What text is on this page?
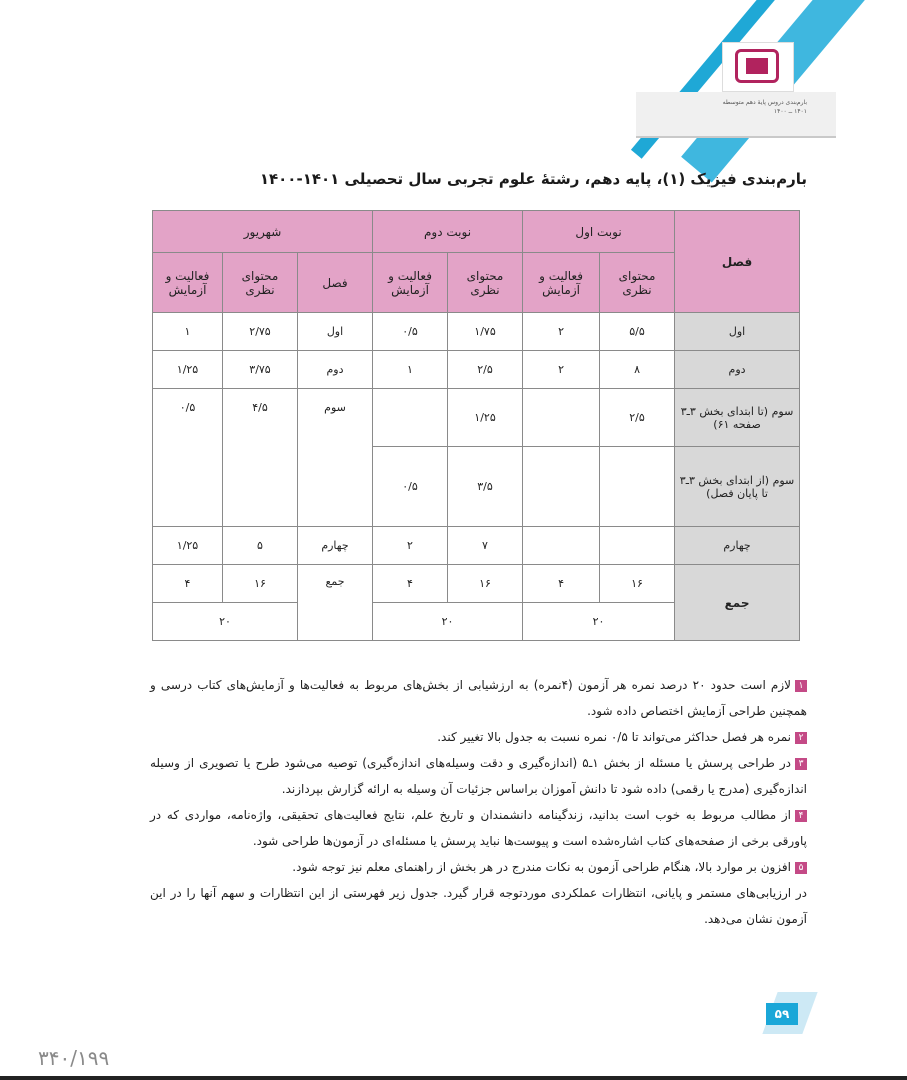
بارم‌بندی دروس پایهٔ دهم متوسطه
۱۴۰۱ ــ ۱۴۰۰
بارم‌بندی فیزیک (۱)، پایه دهم، رشتهٔ علوم تجربی سال تحصیلی ۱۴۰۱-۱۴۰۰
فصل	نوبت اول		نوبت دوم		شهریور		
	محتوای نظری	فعالیت و آزمایش	محتوای نظری	فعالیت و آزمایش	فصل	محتوای نظری	فعالیت و آزمایش
اول	۵/۵	۲	۱/۷۵	۰/۵	اول	۲/۷۵	۱
دوم	۸	۲	۲/۵	۱	دوم	۳/۷۵	۱/۲۵
سوم (تا ابتدای بخش ۳ـ۳ صفحه ۶۱)	۲/۵		۱/۲۵		سوم	۴/۵	۰/۵
سوم (از ابتدای بخش ۳ـ۳ تا پایان فصل)			۳/۵	۰/۵			
چهارم			۷	۲	چهارم	۵	۱/۲۵
جمع	۱۶	۴	۱۶	۴	جمع	۱۶	۴
	۲۰		۲۰			۲۰	

۱لازم است حدود ۲۰ درصد نمره هر آزمون (۴نمره) به ارزشیابی از بخش‌های مربوط به فعالیت‌ها و آزمایش‌های کتاب درسی و همچنین طراحی آزمایش اختصاص داده شود.

۲نمره هر فصل حداکثر می‌تواند تا ۰/۵ نمره نسبت به جدول بالا تغییر کند.

۳در طراحی پرسش یا مسئله از بخش ۱ـ۵ (اندازه‌گیری و دقت وسیله‌های اندازه‌گیری) توصیه می‌شود طرح یا تصویری از وسیله اندازه‌گیری (مدرج یا رقمی) داده شود تا دانش آموزان براساس جزئیات آن وسیله به ارائه گزارش بپردازند.

۴از مطالب مربوط به خوب است بدانید، زندگینامه دانشمندان و تاریخ علم، نتایج فعالیت‌های تحقیقی، واژه‌نامه، مواردی که در پاورقی برخی از صفحه‌های کتاب اشاره‌شده است و پیوست‌ها نباید پرسش یا مسئله‌ای در آزمون‌ها طراحی شود.

۵افزون بر موارد بالا، هنگام طراحی آزمون به نکات مندرج در هر بخش از راهنمای معلم نیز توجه شود.

در ارزیابی‌های مستمر و پایانی، انتظارات عملکردی موردتوجه قرار گیرد. جدول زیر فهرستی از این انتظارات و سهم آنها را در این آزمون نشان می‌دهد.

۵۹
۳۴۰/۱۹۹
